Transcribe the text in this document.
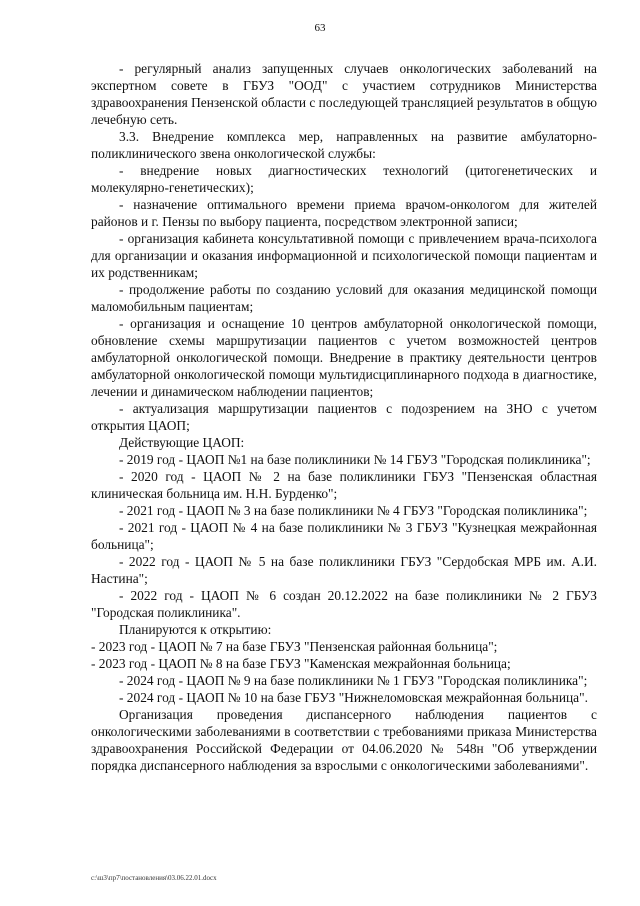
63

- регулярный анализ запущенных случаев онкологических заболеваний на экспертном совете в ГБУЗ "ООД" с участием сотрудников Министерства здравоохранения Пензенской области с последующей трансляцией результатов в общую лечебную сеть.

3.3. Внедрение комплекса мер, направленных на развитие амбулаторно-поликлинического звена онкологической службы:

- внедрение новых диагностических технологий (цитогенетических и молекулярно-генетических);

- назначение оптимального времени приема врачом-онкологом для жителей районов и г. Пензы по выбору пациента, посредством электронной записи;

- организация кабинета консультативной помощи с привлечением врача-психолога для организации и оказания информационной и психологической помощи пациентам и их родственникам;

- продолжение работы по созданию условий для оказания медицинской помощи маломобильным пациентам;

- организация и оснащение 10 центров амбулаторной онкологической помощи, обновление схемы маршрутизации пациентов с учетом возможностей центров амбулаторной онкологической помощи. Внедрение в практику деятельности центров амбулаторной онкологической помощи мультидисциплинарного подхода в диагностике, лечении и динамическом наблюдении пациентов;

- актуализация маршрутизации пациентов с подозрением на ЗНО с учетом открытия ЦАОП;

Действующие ЦАОП:

- 2019 год - ЦАОП №1 на базе поликлиники № 14 ГБУЗ "Городская поликлиника";

- 2020 год - ЦАОП № 2 на базе поликлиники ГБУЗ "Пензенская областная клиническая больница им. Н.Н. Бурденко";

- 2021 год - ЦАОП № 3 на базе поликлиники № 4 ГБУЗ "Городская поликлиника";

- 2021 год - ЦАОП № 4 на базе поликлиники № 3 ГБУЗ "Кузнецкая межрайонная больница";

- 2022 год - ЦАОП № 5 на базе поликлиники ГБУЗ "Сердобская МРБ им. А.И. Настина";

- 2022 год - ЦАОП № 6 создан 20.12.2022 на базе поликлиники № 2 ГБУЗ "Городская поликлиника".

Планируются к открытию:

- 2023 год - ЦАОП № 7 на базе ГБУЗ "Пензенская районная больница";

- 2023 год - ЦАОП № 8 на базе ГБУЗ "Каменская межрайонная больница;

- 2024 год - ЦАОП № 9 на базе поликлиники № 1 ГБУЗ "Городская поликлиника";

- 2024 год - ЦАОП № 10 на базе ГБУЗ "Нижнеломовская межрайонная больница".

Организация проведения диспансерного наблюдения пациентов с онкологическими заболеваниями в соответствии с требованиями приказа Министерства здравоохранения Российской Федерации от 04.06.2020 № 548н "Об утверждении порядка диспансерного наблюдения за взрослыми с онкологическими заболеваниями".

c:\ш3\пр7\постановления\03.06.22.01.docx
